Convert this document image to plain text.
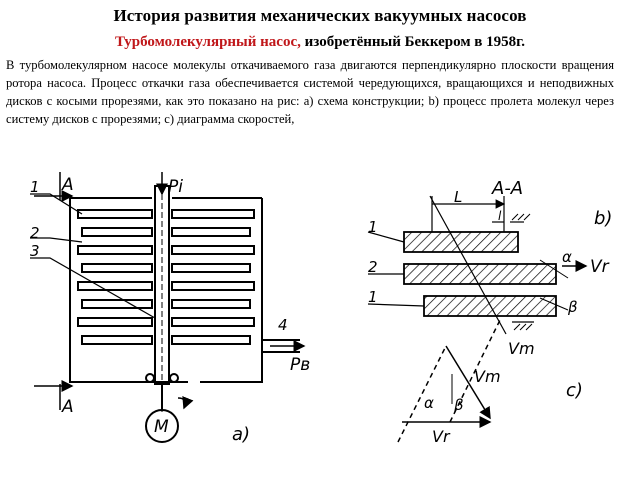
История развития механических вакуумных насосов
Турбомолекулярный насос, изобретённый Беккером в 1958г.
В турбомолекулярном насосе молекулы откачиваемого газа двигаются перпендикулярно плоскости вращения ротора насоса. Процесс откачки газа обеспечивается системой чередующихся, вращающихся и неподвижных дисков с косыми прорезями, как это показано на рис: а) схема конструкции; b) процесс пролета молекул через систему дисков с прорезями; с) диаграмма скоростей,
1
2
3
4
A
A
Pi
Pв
M	a)
A-A
L
l
1
2
1
α
β
Vr
Vm
b)
Vm
Vr
α β
c)
